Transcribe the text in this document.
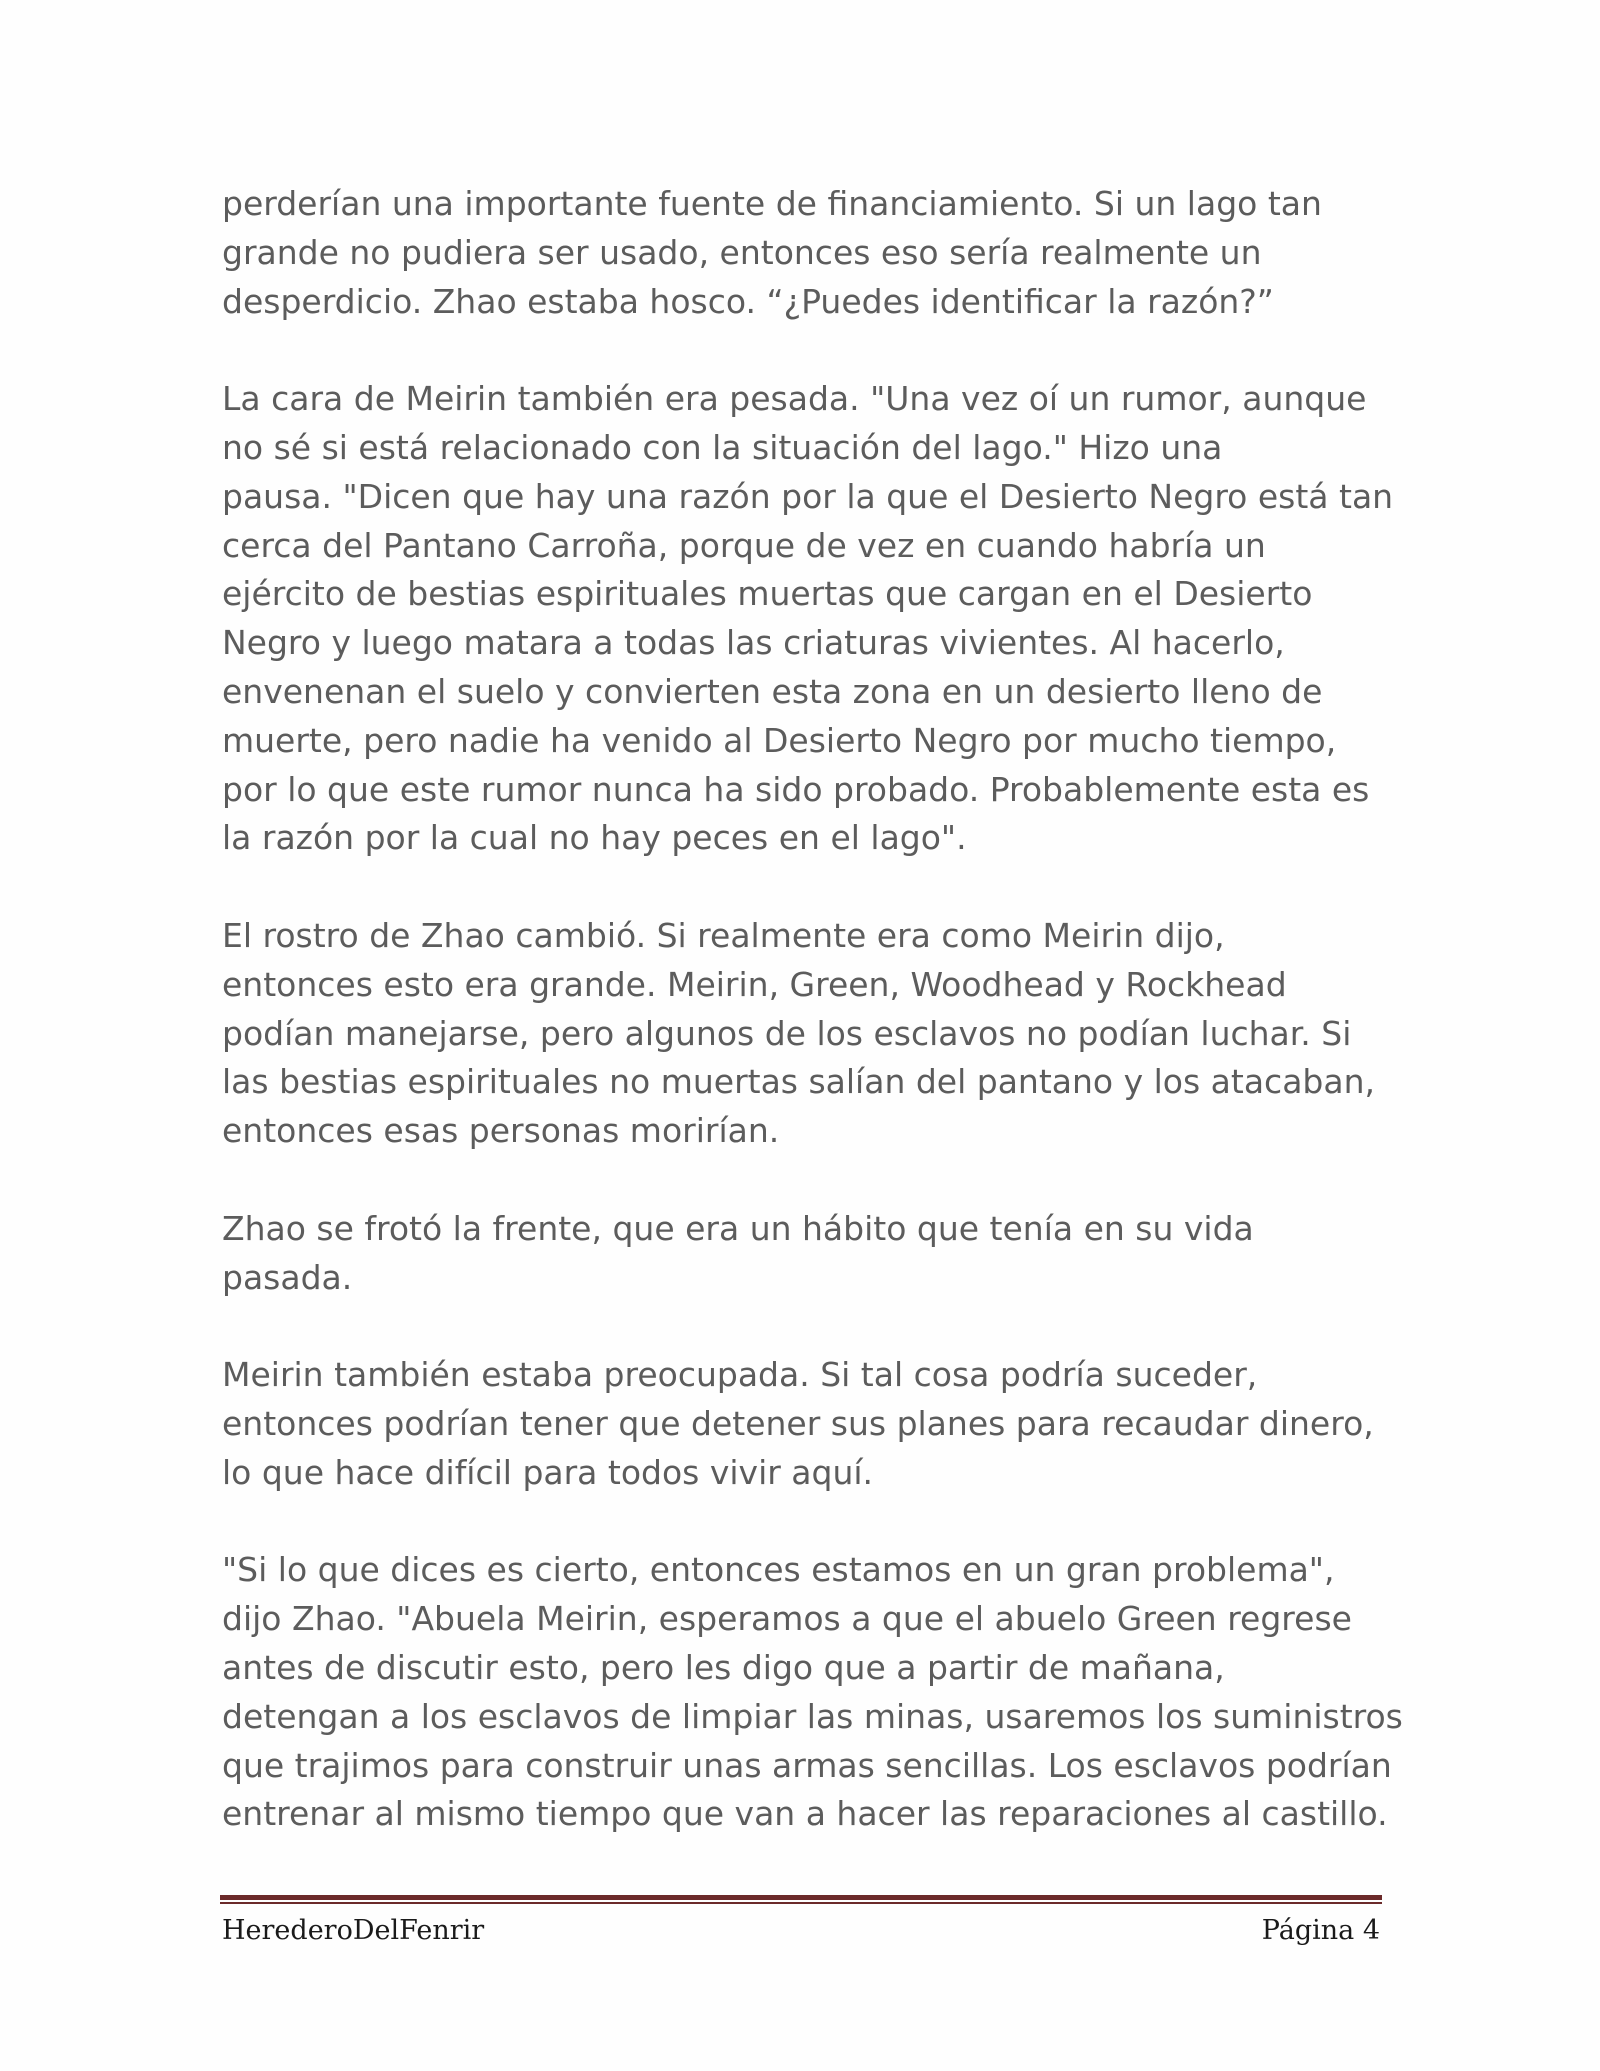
perderían una importante fuente de financiamiento. Si un lago tan
grande no pudiera ser usado, entonces eso sería realmente un
desperdicio. Zhao estaba hosco. “¿Puedes identificar la razón?”

La cara de Meirin también era pesada. "Una vez oí un rumor, aunque
no sé si está relacionado con la situación del lago." Hizo una
pausa. "Dicen que hay una razón por la que el Desierto Negro está tan
cerca del Pantano Carroña, porque de vez en cuando habría un
ejército de bestias espirituales muertas que cargan en el Desierto
Negro y luego matara a todas las criaturas vivientes. Al hacerlo,
envenenan el suelo y convierten esta zona en un desierto lleno de
muerte, pero nadie ha venido al Desierto Negro por mucho tiempo,
por lo que este rumor nunca ha sido probado. Probablemente esta es
la razón por la cual no hay peces en el lago".

El rostro de Zhao cambió. Si realmente era como Meirin dijo,
entonces esto era grande. Meirin, Green, Woodhead y Rockhead
podían manejarse, pero algunos de los esclavos no podían luchar. Si
las bestias espirituales no muertas salían del pantano y los atacaban,
entonces esas personas morirían.

Zhao se frotó la frente, que era un hábito que tenía en su vida
pasada.

Meirin también estaba preocupada. Si tal cosa podría suceder,
entonces podrían tener que detener sus planes para recaudar dinero,
lo que hace difícil para todos vivir aquí.

"Si lo que dices es cierto, entonces estamos en un gran problema",
dijo Zhao. "Abuela Meirin, esperamos a que el abuelo Green regrese
antes de discutir esto, pero les digo que a partir de mañana,
detengan a los esclavos de limpiar las minas, usaremos los suministros
que trajimos para construir unas armas sencillas. Los esclavos podrían
entrenar al mismo tiempo que van a hacer las reparaciones al castillo.

HerederoDelFenrir	Página 4
